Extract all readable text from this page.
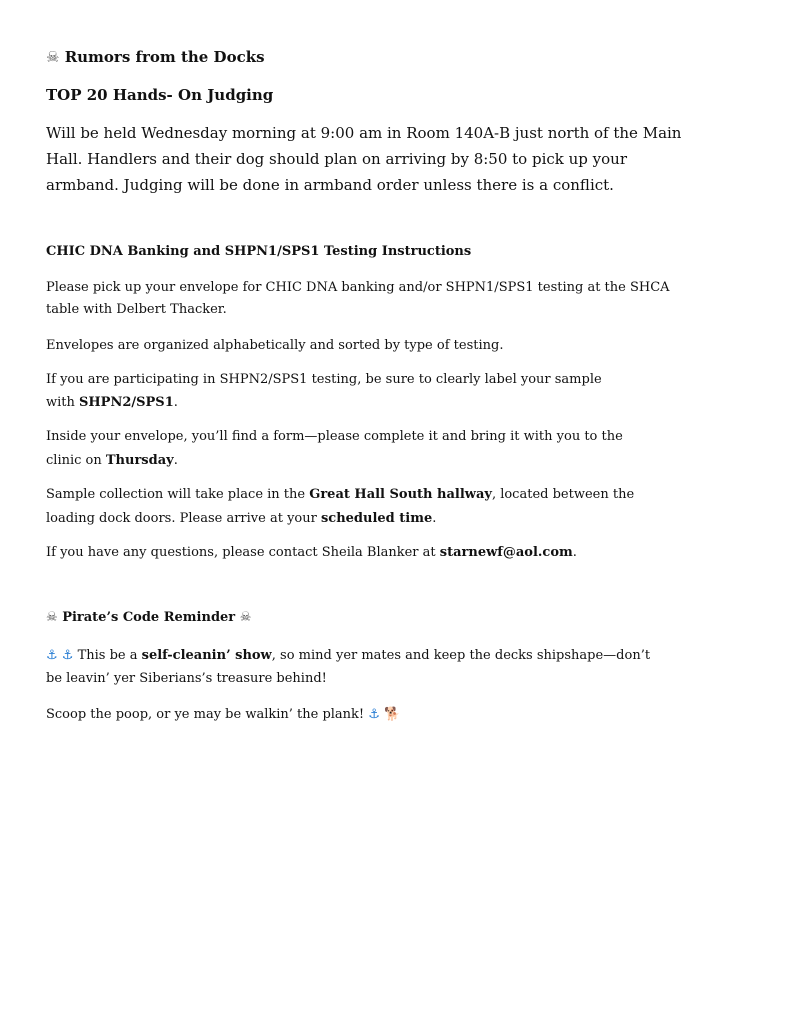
☠ Rumors from the Docks
TOP 20 Hands- On Judging
Will be held Wednesday morning at 9:00 am in Room 140A-B just north of the Main
Hall. Handlers and their dog should plan on arriving by 8:50 to pick up your
armband. Judging will be done in armband order unless there is a conflict.
CHIC DNA Banking and SHPN1/SPS1 Testing Instructions
Please pick up your envelope for CHIC DNA banking and/or SHPN1/SPS1 testing at the SHCA
table with Delbert Thacker.
Envelopes are organized alphabetically and sorted by type of testing.
If you are participating in SHPN2/SPS1 testing, be sure to clearly label your sample
with SHPN2/SPS1.
Inside your envelope, you’ll find a form—please complete it and bring it with you to the
clinic on Thursday.
Sample collection will take place in the Great Hall South hallway, located between the
loading dock doors. Please arrive at your scheduled time.
If you have any questions, please contact Sheila Blanker at starnewf@aol.com.
☠ Pirate’s Code Reminder ☠
⚓ ⚓ This be a self-cleanin’ show, so mind yer mates and keep the decks shipshape—don’t
be leavin’ yer Siberians’s treasure behind!
Scoop the poop, or ye may be walkin’ the plank! ⚓ 🐕
